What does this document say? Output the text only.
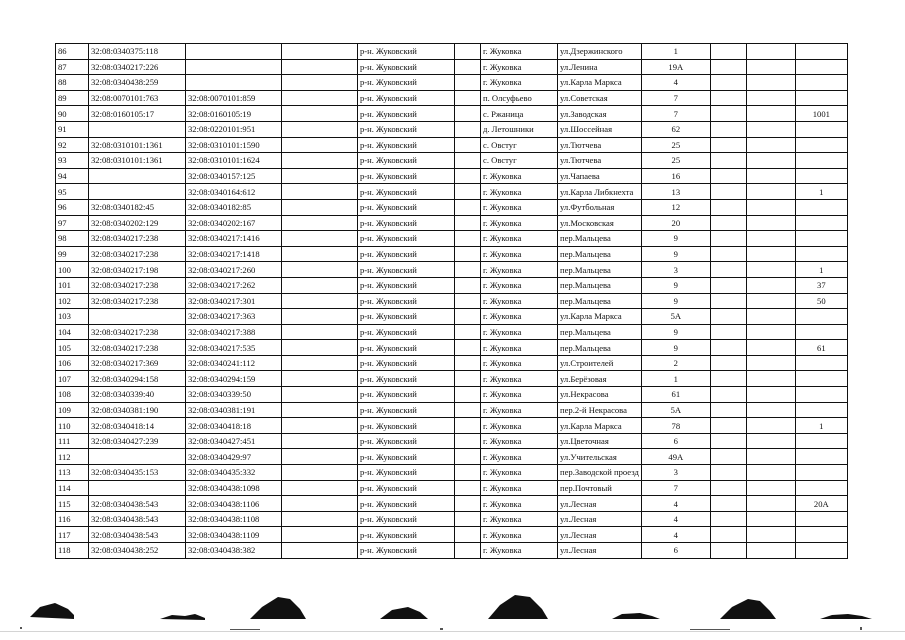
86	32:08:0340375:118			р-н. Жуковский		г. Жуковка	ул.Дзержинского	1			
87	32:08:0340217:226			р-н. Жуковский		г. Жуковка	ул.Ленина	19А			
88	32:08:0340438:259			р-н. Жуковский		г. Жуковка	ул.Карла Маркса	4			
89	32:08:0070101:763	32:08:0070101:859		р-н. Жуковский		п. Олсуфьево	ул.Советская	7			
90	32:08:0160105:17	32:08:0160105:19		р-н. Жуковский		с. Ржаница	ул.Заводская	7			1001
91		32:08:0220101:951		р-н. Жуковский		д. Летошники	ул.Шоссейная	62			
92	32:08:0310101:1361	32:08:0310101:1590		р-н. Жуковский		с. Овстуг	ул.Тютчева	25			
93	32:08:0310101:1361	32:08:0310101:1624		р-н. Жуковский		с. Овстуг	ул.Тютчева	25			
94		32:08:0340157:125		р-н. Жуковский		г. Жуковка	ул.Чапаева	16			
95		32:08:0340164:612		р-н. Жуковский		г. Жуковка	ул.Карла Либкнехта	13			1
96	32:08:0340182:45	32:08:0340182:85		р-н. Жуковский		г. Жуковка	ул.Футбольная	12			
97	32:08:0340202:129	32:08:0340202:167		р-н. Жуковский		г. Жуковка	ул.Московская	20			
98	32:08:0340217:238	32:08:0340217:1416		р-н. Жуковский		г. Жуковка	пер.Мальцева	9			
99	32:08:0340217:238	32:08:0340217:1418		р-н. Жуковский		г. Жуковка	пер.Мальцева	9			
100	32:08:0340217:198	32:08:0340217:260		р-н. Жуковский		г. Жуковка	пер.Мальцева	3			1
101	32:08:0340217:238	32:08:0340217:262		р-н. Жуковский		г. Жуковка	пер.Мальцева	9			37
102	32:08:0340217:238	32:08:0340217:301		р-н. Жуковский		г. Жуковка	пер.Мальцева	9			50
103		32:08:0340217:363		р-н. Жуковский		г. Жуковка	ул.Карла Маркса	5А			
104	32:08:0340217:238	32:08:0340217:388		р-н. Жуковский		г. Жуковка	пер.Мальцева	9			
105	32:08:0340217:238	32:08:0340217:535		р-н. Жуковский		г. Жуковка	пер.Мальцева	9			61
106	32:08:0340217:369	32:08:0340241:112		р-н. Жуковский		г. Жуковка	ул.Строителей	2			
107	32:08:0340294:158	32:08:0340294:159		р-н. Жуковский		г. Жуковка	ул.Берёзовая	1			
108	32:08:0340339:40	32:08:0340339:50		р-н. Жуковский		г. Жуковка	ул.Некрасова	61			
109	32:08:0340381:190	32:08:0340381:191		р-н. Жуковский		г. Жуковка	пер.2-й Некрасова	5А			
110	32:08:0340418:14	32:08:0340418:18		р-н. Жуковский		г. Жуковка	ул.Карла Маркса	78			1
111	32:08:0340427:239	32:08:0340427:451		р-н. Жуковский		г. Жуковка	ул.Цветочная	6			
112		32:08:0340429:97		р-н. Жуковский		г. Жуковка	ул.Учительская	49А			
113	32:08:0340435:153	32:08:0340435:332		р-н. Жуковский		г. Жуковка	пер.Заводской проезд	3			
114		32:08:0340438:1098		р-н. Жуковский		г. Жуковка	пер.Почтовый	7			
115	32:08:0340438:543	32:08:0340438:1106		р-н. Жуковский		г. Жуковка	ул.Лесная	4			20А
116	32:08:0340438:543	32:08:0340438:1108		р-н. Жуковский		г. Жуковка	ул.Лесная	4			
117	32:08:0340438:543	32:08:0340438:1109		р-н. Жуковский		г. Жуковка	ул.Лесная	4			
118	32:08:0340438:252	32:08:0340438:382		р-н. Жуковский		г. Жуковка	ул.Лесная	6			
